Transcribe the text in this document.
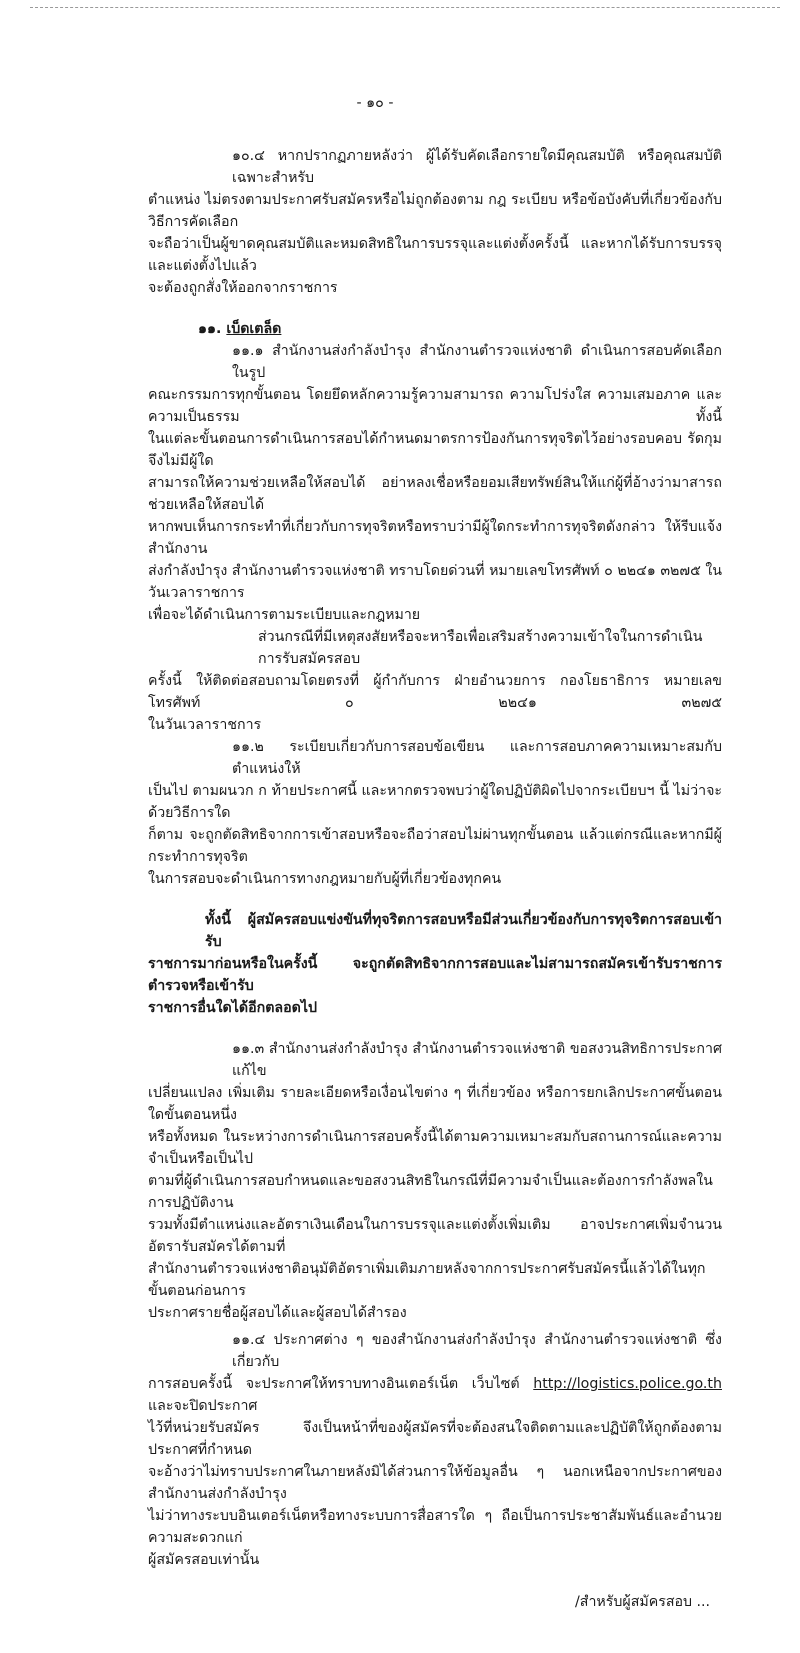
- ๑๐ -
๑๐.๔ หากปรากฏภายหลังว่า ผู้ได้รับคัดเลือกรายใดมีคุณสมบัติ หรือคุณสมบัติเฉพาะสำหรับ
ตำแหน่ง ไม่ตรงตามประกาศรับสมัครหรือไม่ถูกต้องตาม กฎ ระเบียบ หรือข้อบังคับที่เกี่ยวข้องกับวิธีการคัดเลือก
จะถือว่าเป็นผู้ขาดคุณสมบัติและหมดสิทธิในการบรรจุและแต่งตั้งครั้งนี้ และหากได้รับการบรรจุและแต่งตั้งไปแล้ว
จะต้องถูกสั่งให้ออกจากราชการ
๑๑. เบ็ดเตล็ด
๑๑.๑ สำนักงานส่งกำลังบำรุง สำนักงานตำรวจแห่งชาติ ดำเนินการสอบคัดเลือกในรูป
คณะกรรมการทุกขั้นตอน โดยยึดหลักความรู้ความสามารถ ความโปร่งใส ความเสมอภาค และความเป็นธรรม ทั้งนี้
ในแต่ละขั้นตอนการดำเนินการสอบได้กำหนดมาตรการป้องกันการทุจริตไว้อย่างรอบคอบ รัดกุม จึงไม่มีผู้ใด
สามารถให้ความช่วยเหลือให้สอบได้ อย่าหลงเชื่อหรือยอมเสียทรัพย์สินให้แก่ผู้ที่อ้างว่ามาสารถช่วยเหลือให้สอบได้
หากพบเห็นการกระทำที่เกี่ยวกับการทุจริตหรือทราบว่ามีผู้ใดกระทำการทุจริตดังกล่าว ให้รีบแจ้ง สำนักงาน
ส่งกำลังบำรุง สำนักงานตำรวจแห่งชาติ ทราบโดยด่วนที่ หมายเลขโทรศัพท์ ๐ ๒๒๔๑ ๓๒๗๕ ในวันเวลาราชการ
เพื่อจะได้ดำเนินการตามระเบียบและกฎหมาย
ส่วนกรณีที่มีเหตุสงสัยหรือจะหารือเพื่อเสริมสร้างความเข้าใจในการดำเนินการรับสมัครสอบ
ครั้งนี้ ให้ติดต่อสอบถามโดยตรงที่ ผู้กำกับการ ฝ่ายอำนวยการ กองโยธาธิการ หมายเลขโทรศัพท์ ๐ ๒๒๔๑ ๓๒๗๕
ในวันเวลาราชการ
๑๑.๒ ระเบียบเกี่ยวกับการสอบข้อเขียน และการสอบภาคความเหมาะสมกับตำแหน่งให้
เป็นไป ตามผนวก ก ท้ายประกาศนี้ และหากตรวจพบว่าผู้ใดปฏิบัติผิดไปจากระเบียบฯ นี้ ไม่ว่าจะด้วยวิธีการใด
ก็ตาม จะถูกตัดสิทธิจากการเข้าสอบหรือจะถือว่าสอบไม่ผ่านทุกขั้นตอน แล้วแต่กรณีและหากมีผู้กระทำการทุจริต
ในการสอบจะดำเนินการทางกฎหมายกับผู้ที่เกี่ยวข้องทุกคน
ทั้งนี้ ผู้สมัครสอบแข่งขันที่ทุจริตการสอบหรือมีส่วนเกี่ยวข้องกับการทุจริตการสอบเข้ารับ
ราชการมาก่อนหรือในครั้งนี้ จะถูกตัดสิทธิจากการสอบและไม่สามารถสมัครเข้ารับราชการตำรวจหรือเข้ารับ
ราชการอื่นใดได้อีกตลอดไป
๑๑.๓ สำนักงานส่งกำลังบำรุง สำนักงานตำรวจแห่งชาติ ขอสงวนสิทธิการประกาศแก้ไข
เปลี่ยนแปลง เพิ่มเติม รายละเอียดหรือเงื่อนไขต่าง ๆ ที่เกี่ยวข้อง หรือการยกเลิกประกาศขั้นตอนใดขั้นตอนหนึ่ง
หรือทั้งหมด ในระหว่างการดำเนินการสอบครั้งนี้ได้ตามความเหมาะสมกับสถานการณ์และความจำเป็นหรือเป็นไป
ตามที่ผู้ดำเนินการสอบกำหนดและขอสงวนสิทธิในกรณีที่มีความจำเป็นและต้องการกำลังพลในการปฏิบัติงาน
รวมทั้งมีตำแหน่งและอัตราเงินเดือนในการบรรจุและแต่งตั้งเพิ่มเติม อาจประกาศเพิ่มจำนวนอัตรารับสมัครได้ตามที่
สำนักงานตำรวจแห่งชาติอนุมัติอัตราเพิ่มเติมภายหลังจากการประกาศรับสมัครนี้แล้วได้ในทุกขั้นตอนก่อนการ
ประกาศรายชื่อผู้สอบได้และผู้สอบได้สำรอง
๑๑.๔ ประกาศต่าง ๆ ของสำนักงานส่งกำลังบำรุง สำนักงานตำรวจแห่งชาติ ซึ่งเกี่ยวกับ
การสอบครั้งนี้ จะประกาศให้ทราบทางอินเตอร์เน็ต เว็บไซต์ http://logistics.police.go.th และจะปิดประกาศ
ไว้ที่หน่วยรับสมัคร จึงเป็นหน้าที่ของผู้สมัครที่จะต้องสนใจติดตามและปฏิบัติให้ถูกต้องตามประกาศที่กำหนด
จะอ้างว่าไม่ทราบประกาศในภายหลังมิได้ส่วนการให้ข้อมูลอื่น ๆ นอกเหนือจากประกาศของสำนักงานส่งกำลังบำรุง
ไม่ว่าทางระบบอินเตอร์เน็ตหรือทางระบบการสื่อสารใด ๆ ถือเป็นการประชาสัมพันธ์และอำนวยความสะดวกแก่
ผู้สมัครสอบเท่านั้น
/สำหรับผู้สมัครสอบ ...
